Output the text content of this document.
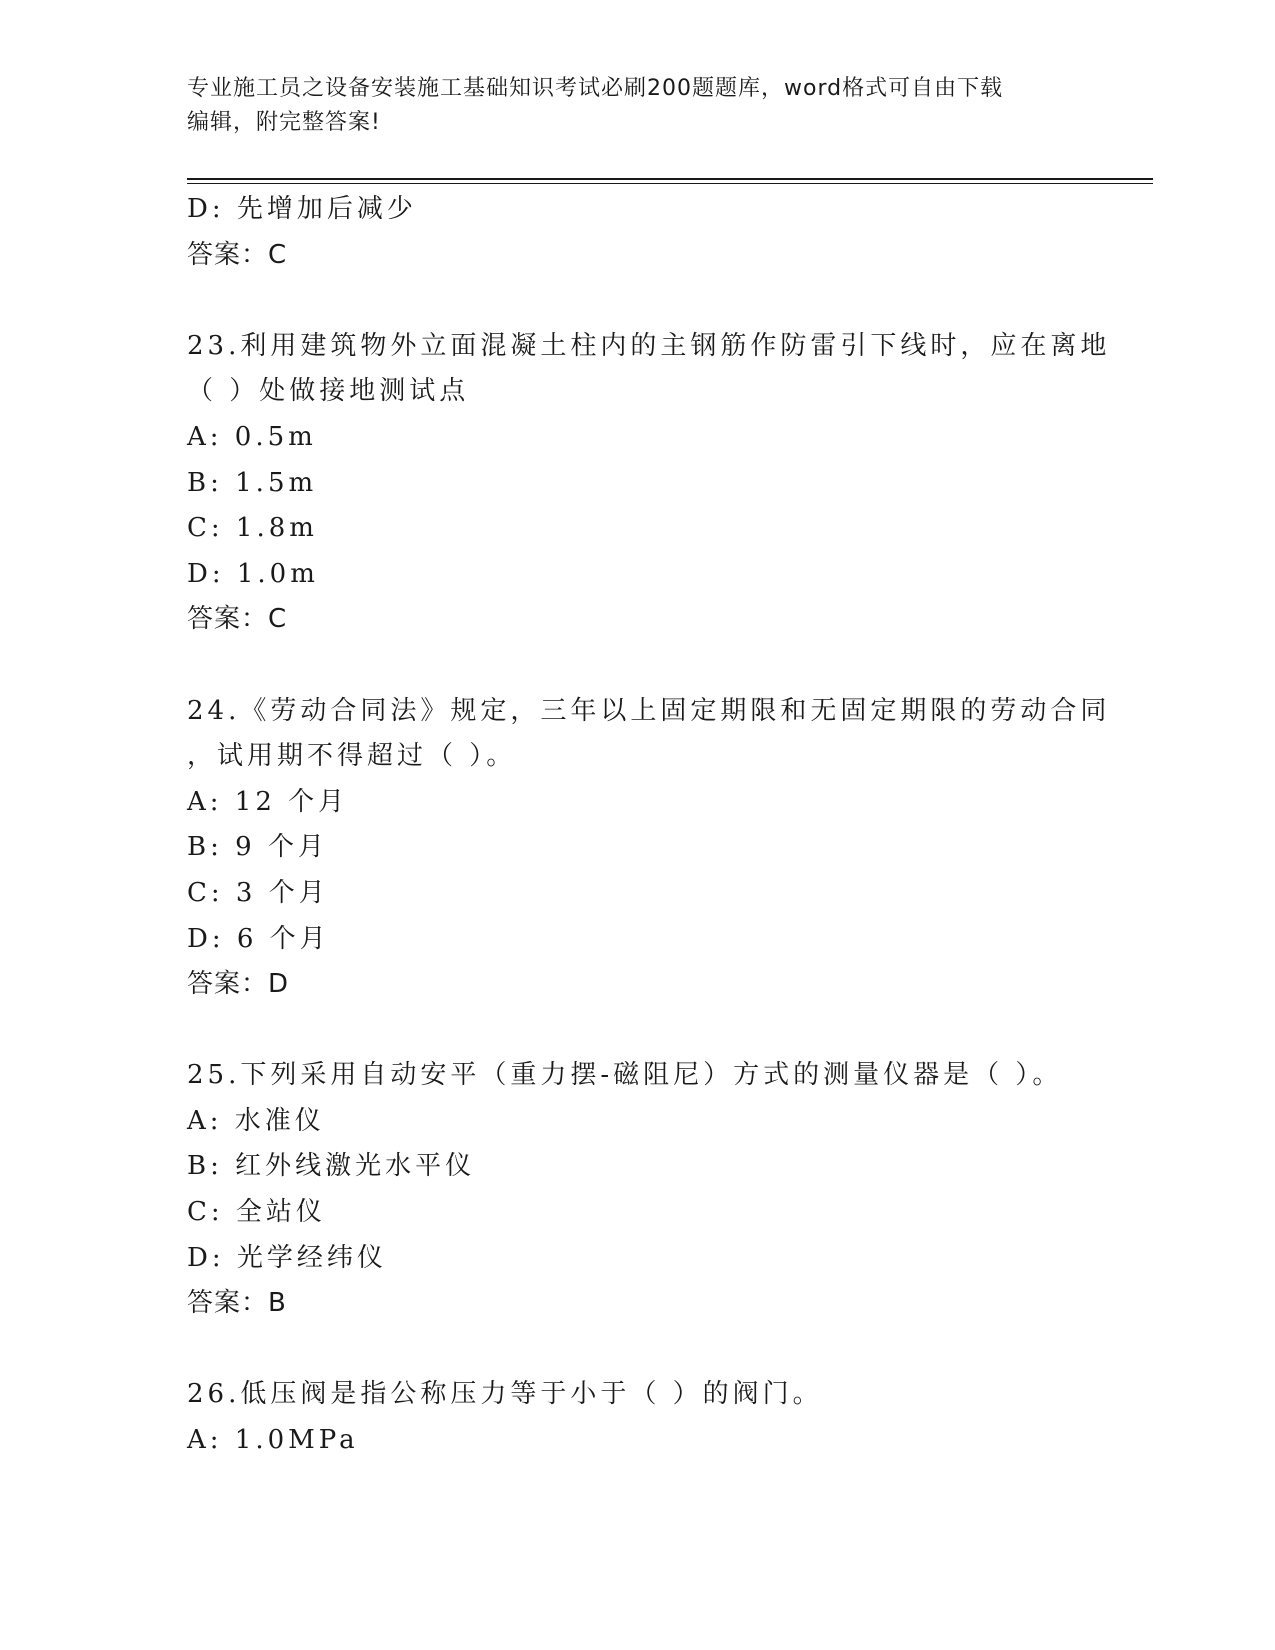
专业施工员之设备安装施工基础知识考试必刷200题题库，word格式可自由下载
编辑，附完整答案!
D: 先增加后减少
答案：C
23.利用建筑物外立面混凝土柱内的主钢筋作防雷引下线时，应在离地
（ ）处做接地测试点
A: 0.5m
B: 1.5m
C: 1.8m
D: 1.0m
答案：C
24.《劳动合同法》规定，三年以上固定期限和无固定期限的劳动合同
，试用期不得超过（ ）。
A: 12 个月
B: 9 个月
C: 3 个月
D: 6 个月
答案：D
25.下列采用自动安平（重力摆-磁阻尼）方式的测量仪器是（ ）。
A: 水准仪
B: 红外线激光水平仪
C: 全站仪
D: 光学经纬仪
答案：B
26.低压阀是指公称压力等于小于（ ）的阀门。
A: 1.0MPa
